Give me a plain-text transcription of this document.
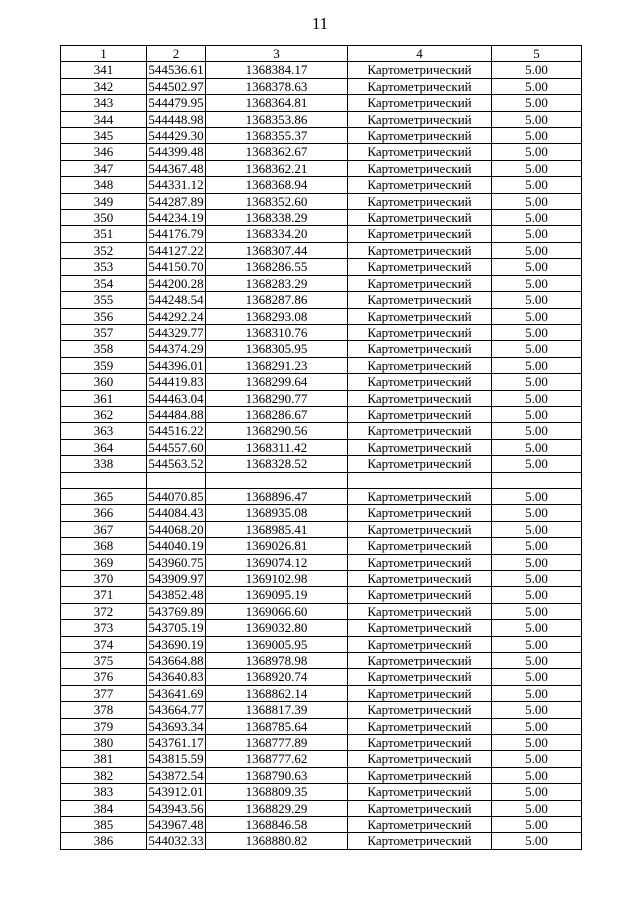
11
1	2	3	4	5	
341	544536.61	1368384.17	Картометрический	5.00	
342	544502.97	1368378.63	Картометрический	5.00	
343	544479.95	1368364.81	Картометрический	5.00	
344	544448.98	1368353.86	Картометрический	5.00	
345	544429.30	1368355.37	Картометрический	5.00	
346	544399.48	1368362.67	Картометрический	5.00	
347	544367.48	1368362.21	Картометрический	5.00	
348	544331.12	1368368.94	Картометрический	5.00	
349	544287.89	1368352.60	Картометрический	5.00	
350	544234.19	1368338.29	Картометрический	5.00	
351	544176.79	1368334.20	Картометрический	5.00	
352	544127.22	1368307.44	Картометрический	5.00	
353	544150.70	1368286.55	Картометрический	5.00	
354	544200.28	1368283.29	Картометрический	5.00	
355	544248.54	1368287.86	Картометрический	5.00	
356	544292.24	1368293.08	Картометрический	5.00	
357	544329.77	1368310.76	Картометрический	5.00	
358	544374.29	1368305.95	Картометрический	5.00	
359	544396.01	1368291.23	Картометрический	5.00	
360	544419.83	1368299.64	Картометрический	5.00	
361	544463.04	1368290.77	Картометрический	5.00	
362	544484.88	1368286.67	Картометрический	5.00	
363	544516.22	1368290.56	Картометрический	5.00	
364	544557.60	1368311.42	Картометрический	5.00	
338	544563.52	1368328.52	Картометрический	5.00	

365	544070.85	1368896.47	Картометрический	5.00	
366	544084.43	1368935.08	Картометрический	5.00	
367	544068.20	1368985.41	Картометрический	5.00	
368	544040.19	1369026.81	Картометрический	5.00	
369	543960.75	1369074.12	Картометрический	5.00	
370	543909.97	1369102.98	Картометрический	5.00	
371	543852.48	1369095.19	Картометрический	5.00	
372	543769.89	1369066.60	Картометрический	5.00	
373	543705.19	1369032.80	Картометрический	5.00	
374	543690.19	1369005.95	Картометрический	5.00	
375	543664.88	1368978.98	Картометрический	5.00	
376	543640.83	1368920.74	Картометрический	5.00	
377	543641.69	1368862.14	Картометрический	5.00	
378	543664.77	1368817.39	Картометрический	5.00	
379	543693.34	1368785.64	Картометрический	5.00	
380	543761.17	1368777.89	Картометрический	5.00	
381	543815.59	1368777.62	Картометрический	5.00	
382	543872.54	1368790.63	Картометрический	5.00	
383	543912.01	1368809.35	Картометрический	5.00	
384	543943.56	1368829.29	Картометрический	5.00	
385	543967.48	1368846.58	Картометрический	5.00	
386	544032.33	1368880.82	Картометрический	5.00	
